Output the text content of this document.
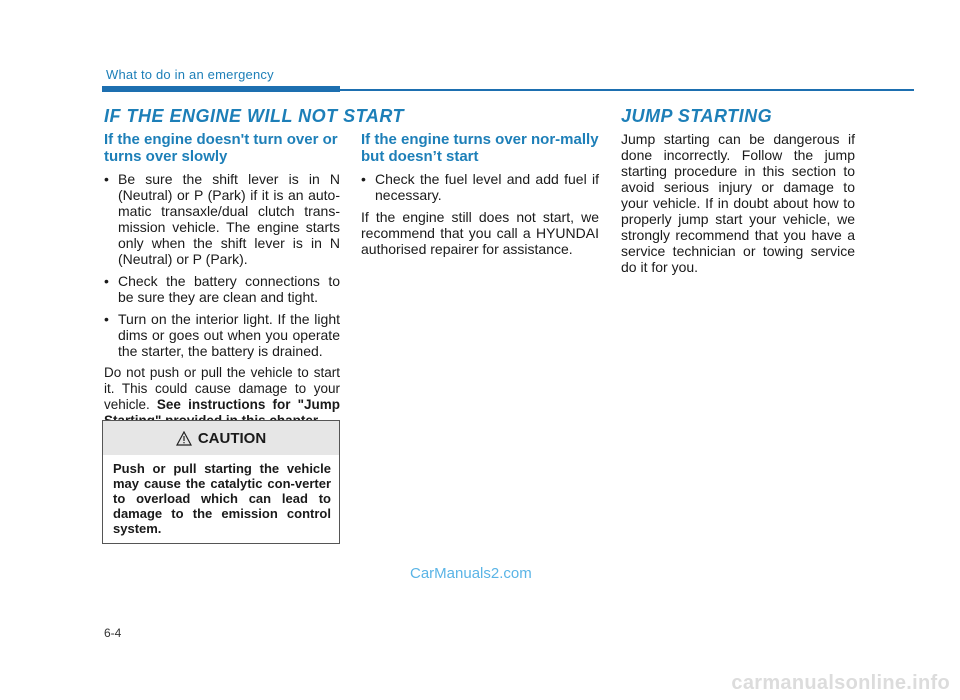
What to do in an emergency
IF THE ENGINE WILL NOT START	JUMP STARTING

If the engine doesn't turn over or turns over slowly

• Be sure the shift lever is in N (Neutral) or P (Park) if it is an auto-matic transaxle/dual clutch trans-mission vehicle. The engine starts only when the shift lever is in N (Neutral) or P (Park).
• Check the battery connections to be sure they are clean and tight.
• Turn on the interior light. If the light dims or goes out when you operate the starter, the battery is drained.

Do not push or pull the vehicle to start it. This could cause damage to your vehicle. See instructions for "Jump

CAUTION
Push or pull starting the vehicle may cause the catalytic con-verter to overload which can lead to damage to the emission control system.

If the engine turns over nor-mally but doesn’t start

• Check the fuel level and add fuel if necessary.

If the engine still does not start, we recommend that you call a HYUNDAI authorised repairer for assistance.

Jump starting can be dangerous if done incorrectly. Follow the jump starting procedure in this section to avoid serious injury or damage to your vehicle. If in doubt about how to properly jump start your vehicle, we strongly recommend that you have a service technician or towing service do it for you.

CarManuals2.com
6-4
carmanualsonline.info
